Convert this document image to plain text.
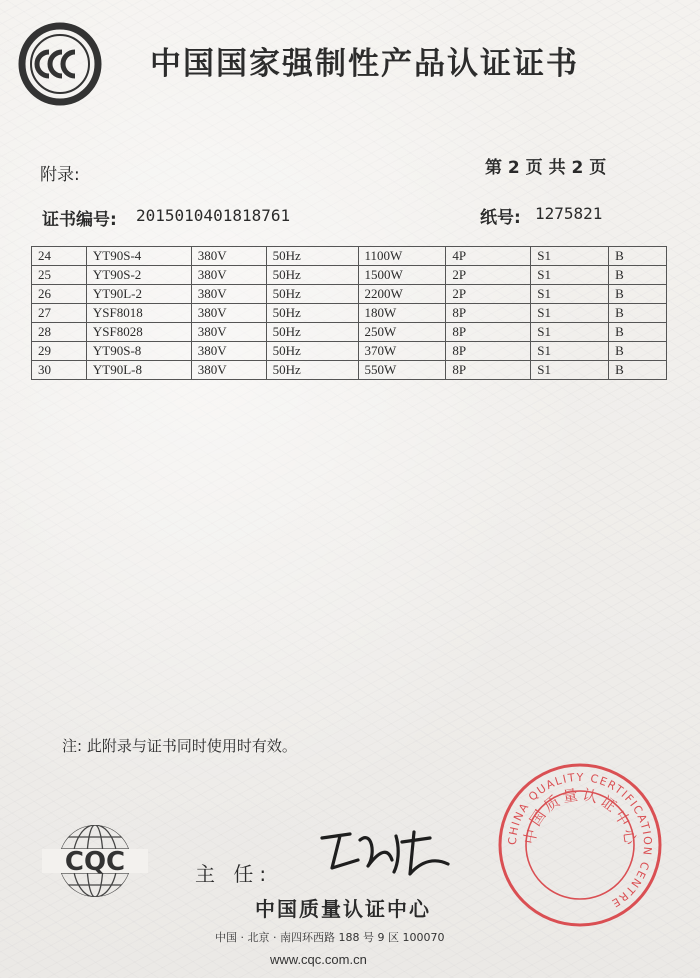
中国国家强制性产品认证证书
附录:	第 2 页 共 2 页
证书编号: 2015010401818761	纸号: 1275821
24	YT90S-4	380V	50Hz	1100W	4P	S1	B
25	YT90S-2	380V	50Hz	1500W	2P	S1	B
26	YT90L-2	380V	50Hz	2200W	2P	S1	B
27	YSF8018	380V	50Hz	180W	8P	S1	B
28	YSF8028	380V	50Hz	250W	8P	S1	B
29	YT90S-8	380V	50Hz	370W	8P	S1	B
30	YT90L-8	380V	50Hz	550W	8P	S1	B
注: 此附录与证书同时使用时有效。
CQC	主 任:
中国质量认证中心
中国 · 北京 · 南四环西路 188 号 9 区 100070
www.cqc.com.cn
CHINA QUALITY CERTIFICATION CENTRE
中国质量认证中心
